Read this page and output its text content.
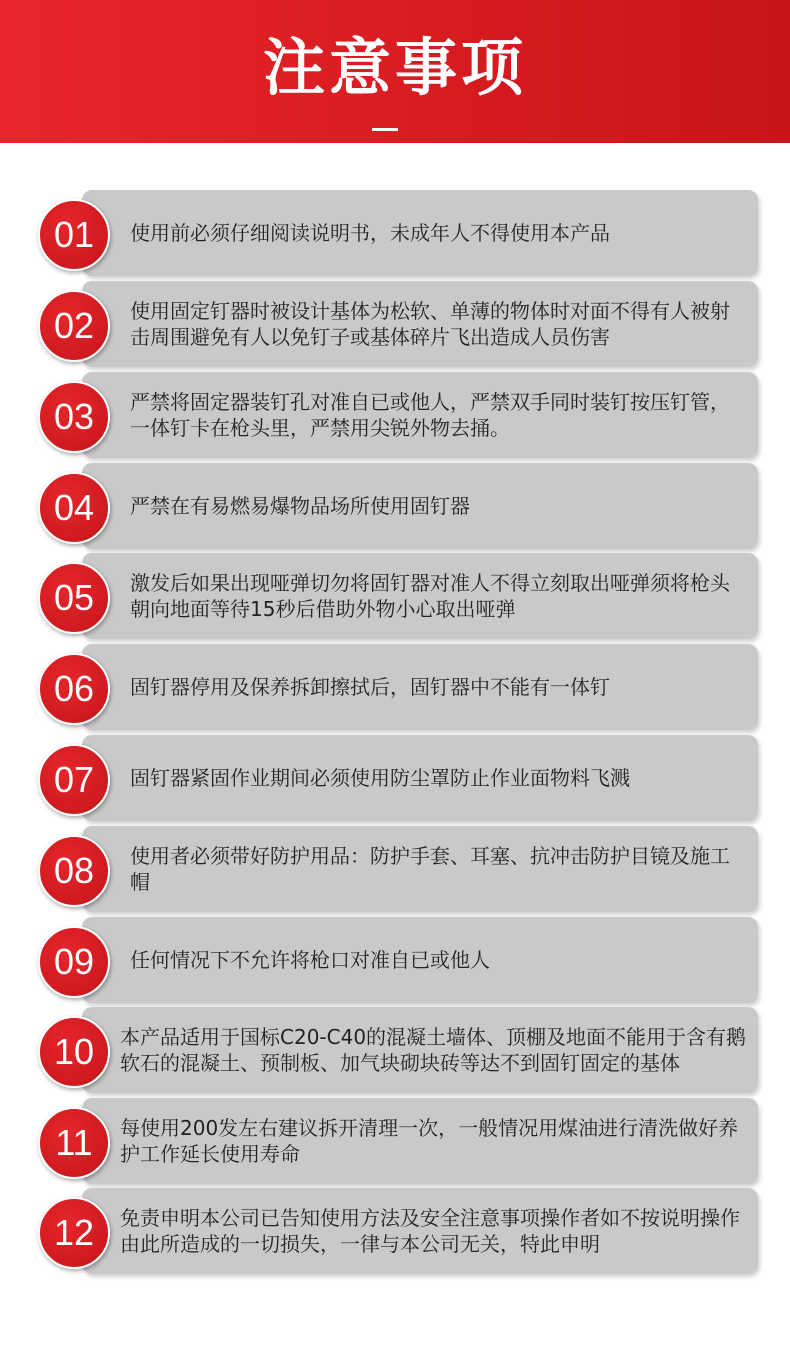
注意事项
01	使用前必须仔细阅读说明书，未成年人不得使用本产品
02	使用固定钉器时被设计基体为松软、单薄的物体时对面不得有人被射击周围避免有人以免钉子或基体碎片飞出造成人员伤害
03	严禁将固定器装钉孔对准自已或他人，严禁双手同时装钉按压钉管，一体钉卡在枪头里，严禁用尖锐外物去捅。
04	严禁在有易燃易爆物品场所使用固钉器
05	激发后如果出现哑弹切勿将固钉器对准人不得立刻取出哑弹须将枪头朝向地面等待15秒后借助外物小心取出哑弹
06	固钉器停用及保养拆卸擦拭后，固钉器中不能有一体钉
07	固钉器紧固作业期间必须使用防尘罩防止作业面物料飞溅
08	使用者必须带好防护用品：防护手套、耳塞、抗冲击防护目镜及施工帽
09	任何情况下不允许将枪口对准自已或他人
10	本产品适用于国标C20-C40的混凝土墙体、顶棚及地面不能用于含有鹅软石的混凝土、预制板、加气块砌块砖等达不到固钉固定的基体
11	每使用200发左右建议拆开清理一次，一般情况用煤油进行清洗做好养护工作延长使用寿命
12	免责申明本公司已告知使用方法及安全注意事项操作者如不按说明操作由此所造成的一切损失，一律与本公司无关，特此申明
